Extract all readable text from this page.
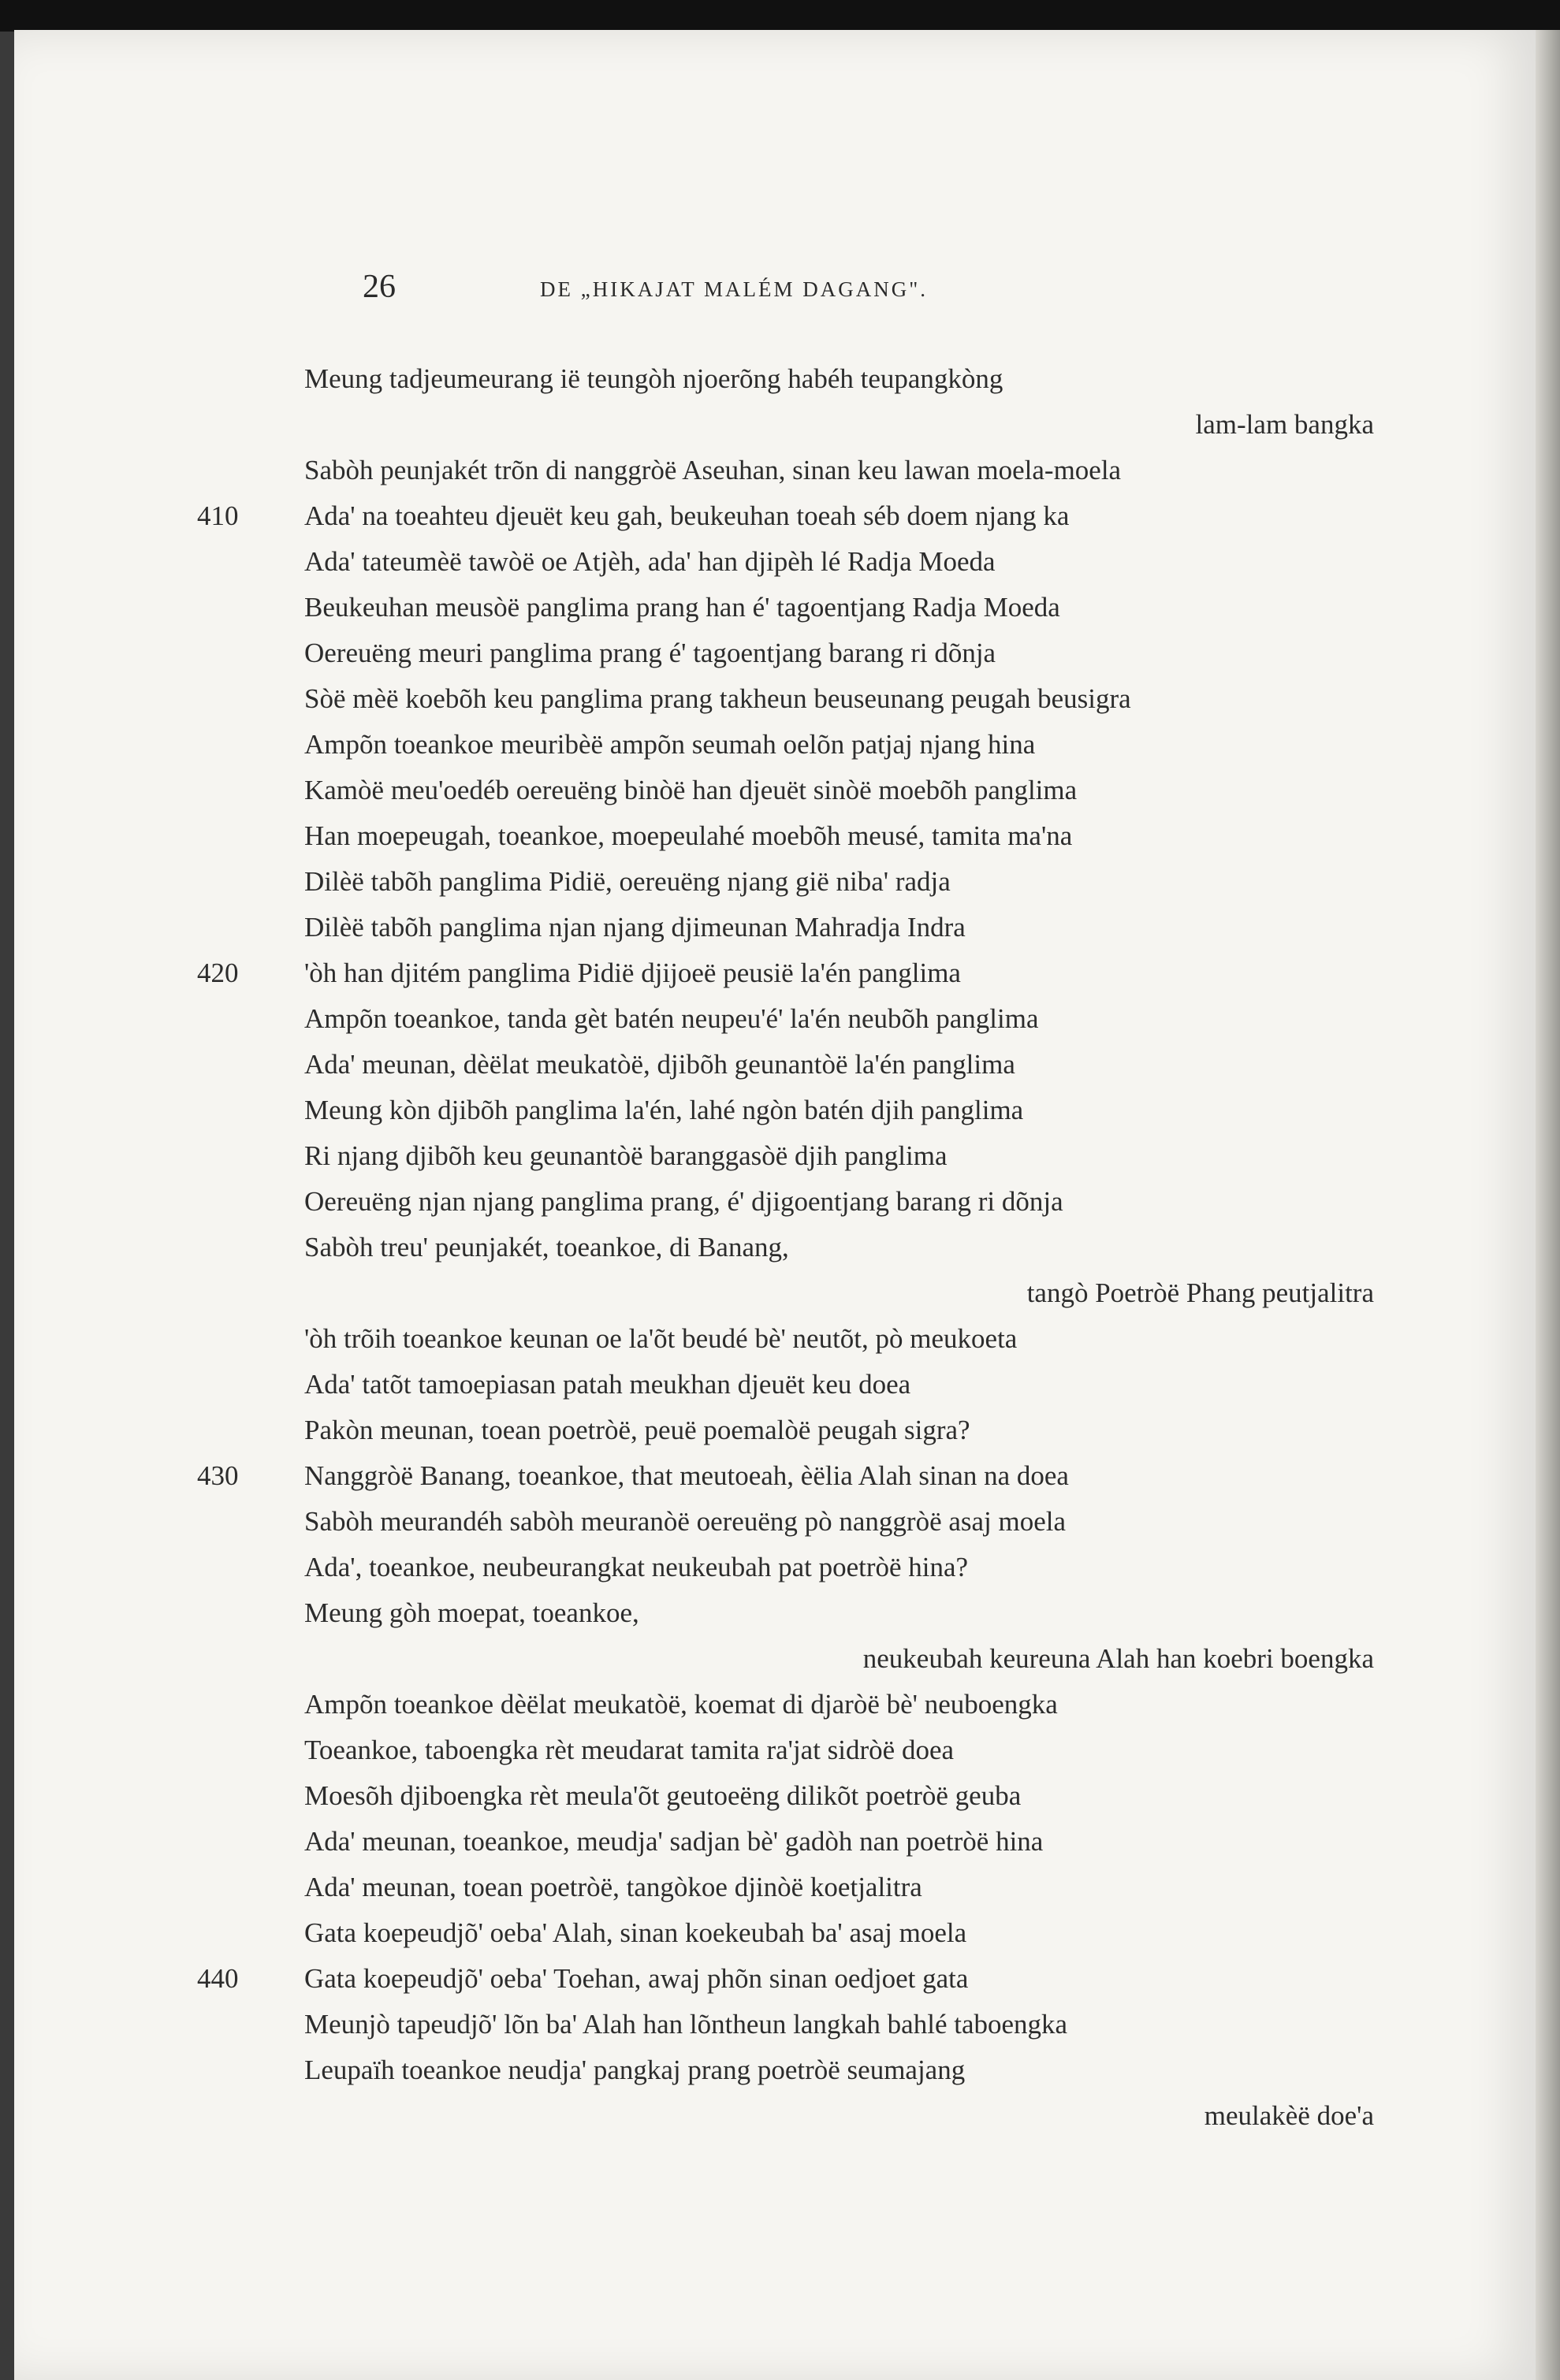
26	DE „HIKAJAT MALÉM DAGANG".
Meung tadjeumeurang ië teungòh njoerõng habéh teupangkòng
lam-lam bangka
Sabòh peunjakét trõn di nanggròë Aseuhan, sinan keu lawan moela-moela
410	Ada' na toeahteu djeuët keu gah, beukeuhan toeah séb doem njang ka
Ada' tateumèë tawòë oe Atjèh, ada' han djipèh lé Radja Moeda
Beukeuhan meusòë panglima prang han é' tagoentjang Radja Moeda
Oereuëng meuri panglima prang é' tagoentjang barang ri dõnja
Sòë mèë koebõh keu panglima prang takheun beuseunang peugah beusigra
Ampõn toeankoe meuribèë ampõn seumah oelõn patjaj njang hina
Kamòë meu'oedéb oereuëng binòë han djeuët sinòë moebõh panglima
Han moepeugah, toeankoe, moepeulahé moebõh meusé, tamita ma'na
Dilèë tabõh panglima Pidië, oereuëng njang gië niba' radja
Dilèë tabõh panglima njan njang djimeunan Mahradja Indra
420	'òh han djitém panglima Pidië djijoeë peusië la'én panglima
Ampõn toeankoe, tanda gèt batén neupeu'é' la'én neubõh panglima
Ada' meunan, dèëlat meukatòë, djibõh geunantòë la'én panglima
Meung kòn djibõh panglima la'én, lahé ngòn batén djih panglima
Ri njang djibõh keu geunantòë baranggasòë djih panglima
Oereuëng njan njang panglima prang, é' djigoentjang barang ri dõnja
Sabòh treu' peunjakét, toeankoe, di Banang,
tangò Poetròë Phang peutjalitra
'òh trõih toeankoe keunan oe la'õt beudé bè' neutõt, pò meukoeta
Ada' tatõt tamoepiasan patah meukhan djeuët keu doea
Pakòn meunan, toean poetròë, peuë poemalòë peugah sigra?
430	Nanggròë Banang, toeankoe, that meutoeah, èëlia Alah sinan na doea
Sabòh meurandéh sabòh meuranòë oereuëng pò nanggròë asaj moela
Ada', toeankoe, neubeurangkat neukeubah pat poetròë hina?
Meung gòh moepat, toeankoe,
neukeubah keureuna Alah han koebri boengka
Ampõn toeankoe dèëlat meukatòë, koemat di djaròë bè' neuboengka
Toeankoe, taboengka rèt meudarat tamita ra'jat sidròë doea
Moesõh djiboengka rèt meula'õt geutoeëng dilikõt poetròë geuba
Ada' meunan, toeankoe, meudja' sadjan bè' gadòh nan poetròë hina
Ada' meunan, toean poetròë, tangòkoe djinòë koetjalitra
Gata koepeudjõ' oeba' Alah, sinan koekeubah ba' asaj moela
440	Gata koepeudjõ' oeba' Toehan, awaj phõn sinan oedjoet gata
Meunjò tapeudjõ' lõn ba' Alah han lõntheun langkah bahlé taboengka
Leupaïh toeankoe neudja' pangkaj prang poetròë seumajang
meulakèë doe'a
